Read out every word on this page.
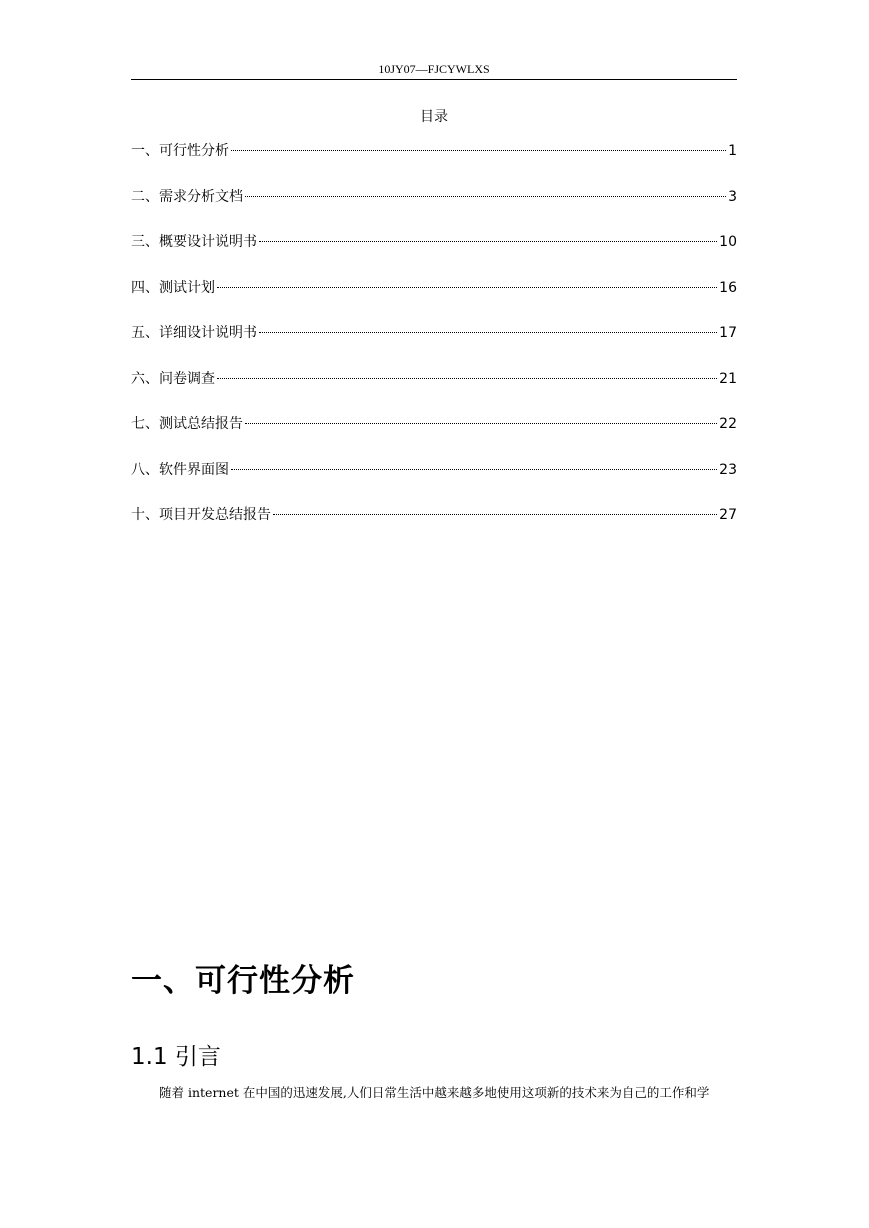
10JY07—FJCYWLXS
目录
一、可行性分析	1
二、需求分析文档	3
三、概要设计说明书	10
四、测试计划	16
五、详细设计说明书	17
六、问卷调查	21
七、测试总结报告	22
八、软件界面图	23
十、项目开发总结报告	27
一、可行性分析
1.1 引言
随着 internet 在中国的迅速发展,人们日常生活中越来越多地使用这项新的技术来为自己的工作和学
